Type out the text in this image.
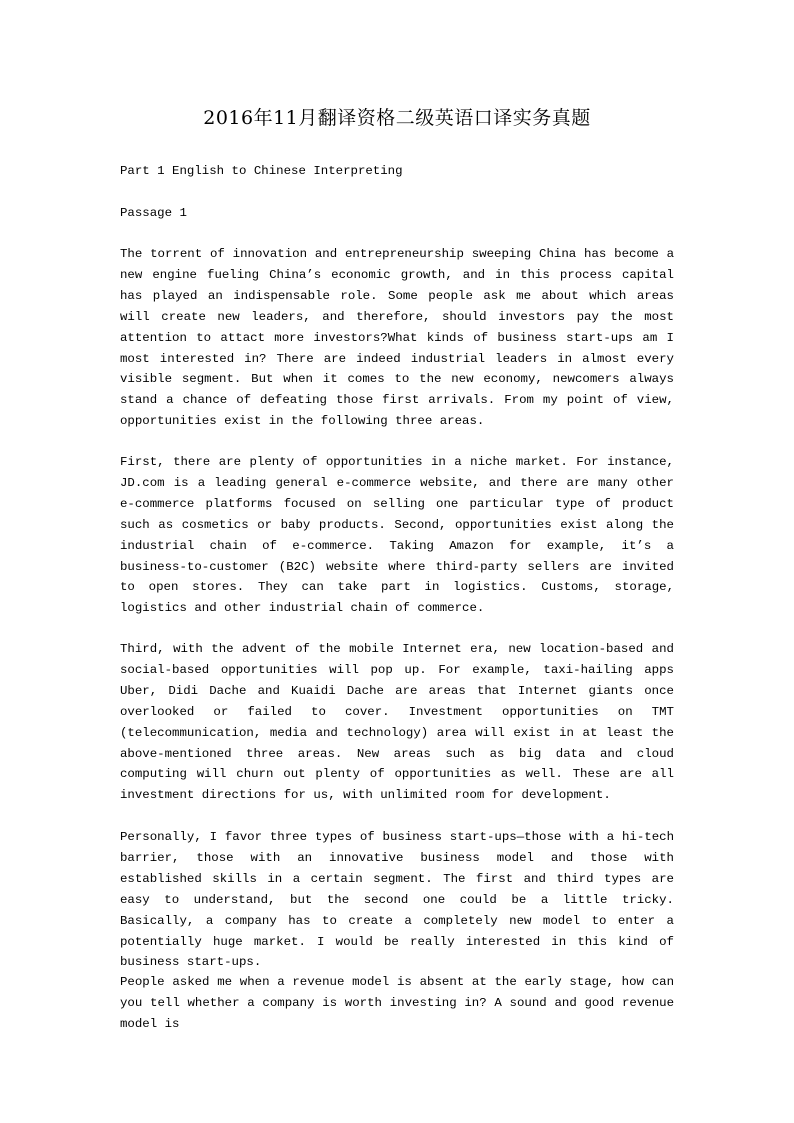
2016年11月翻译资格二级英语口译实务真题

Part 1 English to Chinese Interpreting

Passage 1

The torrent of innovation and entrepreneurship sweeping China has become a new engine fueling China’s economic growth, and in this process capital has played an indispensable role. Some people ask me about which areas will create new leaders, and therefore, should investors pay the most attention to attact more investors?What kinds of business start-ups am I most interested in? There are indeed industrial leaders in almost every visible segment. But when it comes to the new economy, newcomers always stand a chance of defeating those first arrivals. From my point of view, opportunities exist in the following three areas.

First, there are plenty of opportunities in a niche market. For instance, JD.com is a leading general e-commerce website, and there are many other e-commerce platforms focused on selling one particular type of product such as cosmetics or baby products. Second, opportunities exist along the industrial chain of e-commerce. Taking Amazon for example, it’s a business-to-customer (B2C) website where third-party sellers are invited to open stores. They can take part in logistics. Customs, storage, logistics and other industrial chain of commerce.

Third, with the advent of the mobile Internet era, new location-based and social-based opportunities will pop up. For example, taxi-hailing apps Uber, Didi Dache and Kuaidi Dache are areas that Internet giants once overlooked or failed to cover. Investment opportunities on TMT (telecommunication, media and technology) area will exist in at least the above-mentioned three areas. New areas such as big data and cloud computing will churn out plenty of opportunities as well. These are all investment directions for us, with unlimited room for development.

Personally, I favor three types of business start-ups—those with a hi-tech barrier, those with an innovative business model and those with established skills in a certain segment. The first and third types are easy to understand, but the second one could be a little tricky. Basically, a company has to create a completely new model to enter a potentially huge market. I would be really interested in this kind of business start-ups.

People asked me when a revenue model is absent at the early stage, how can you tell whether a company is worth investing in? A sound and good revenue model is
